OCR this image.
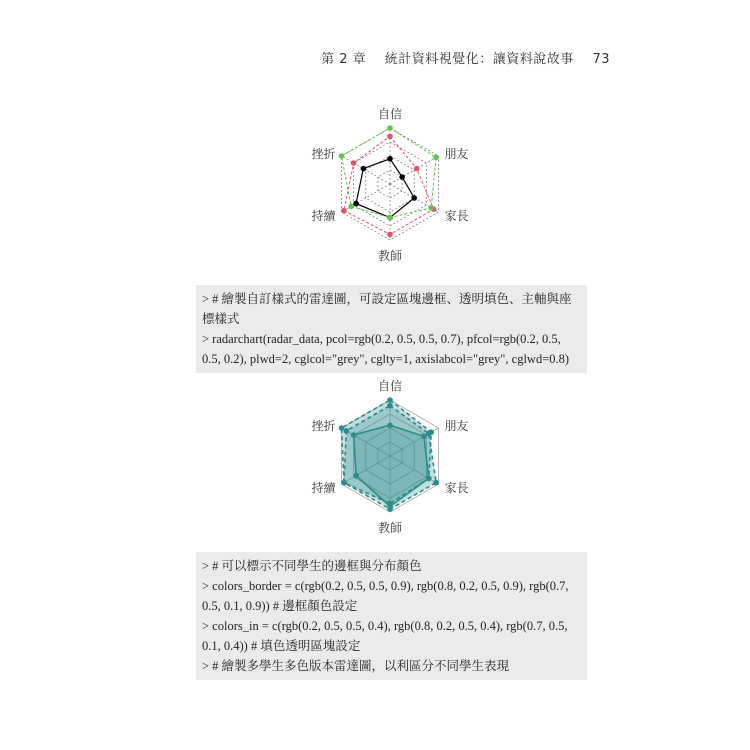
第 2 章 統計資料視覺化：讓資料說故事 73
自信
朋友
家長
教師
持續
挫折
> # 繪製自訂樣式的雷達圖，可設定區塊邊框、透明填色、主軸與座標樣式
> radarchart(radar_data, pcol=rgb(0.2, 0.5, 0.5, 0.7), pfcol=rgb(0.2, 0.5, 0.5, 0.2), plwd=2, cglcol="grey", cglty=1, axislabcol="grey", cglwd=0.8)
自信
朋友
家長
教師
持續
挫折
> # 可以標示不同學生的邊框與分布顏色
> colors_border = c(rgb(0.2, 0.5, 0.5, 0.9), rgb(0.8, 0.2, 0.5, 0.9), rgb(0.7, 0.5, 0.1, 0.9)) # 邊框顏色設定
> colors_in = c(rgb(0.2, 0.5, 0.5, 0.4), rgb(0.8, 0.2, 0.5, 0.4), rgb(0.7, 0.5, 0.1, 0.4)) # 填色透明區塊設定
> # 繪製多學生多色版本雷達圖，以利區分不同學生表現
